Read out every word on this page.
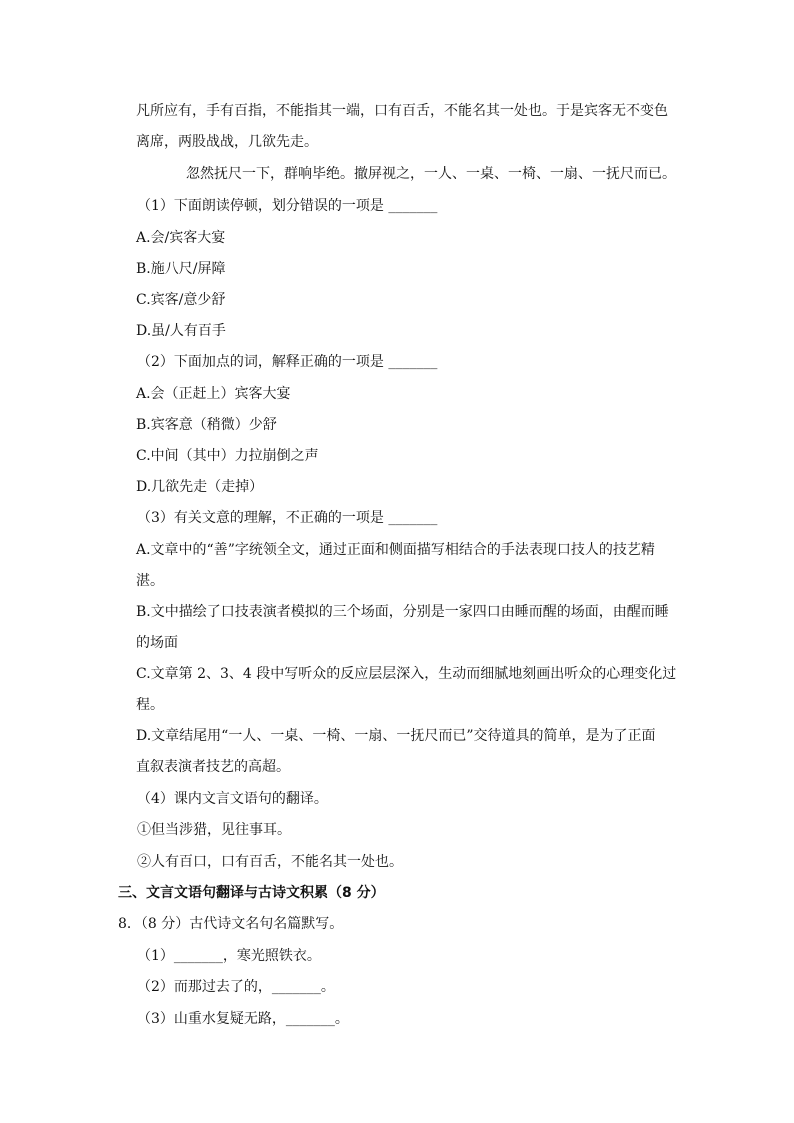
凡所应有，手有百指，不能指其一端，口有百舌，不能名其一处也。于是宾客无不变色
离席，两股战战，几欲先走。
忽然抚尺一下，群响毕绝。撤屏视之，一人、一桌、一椅、一扇、一抚尺而已。
（1）下面朗读停顿，划分错误的一项是 _______
A.会/宾客大宴
B.施八尺/屏障
C.宾客/意少舒
D.虽/人有百手
（2）下面加点的词，解释正确的一项是 _______
A.会（正赶上）宾客大宴
B.宾客意（稍微）少舒
C.中间（其中）力拉崩倒之声
D.几欲先走（走掉）
（3）有关文意的理解，不正确的一项是 _______
A.文章中的“善”字统领全文，通过正面和侧面描写相结合的手法表现口技人的技艺精
湛。
B.文中描绘了口技表演者模拟的三个场面，分别是一家四口由睡而醒的场面，由醒而睡
的场面
C.文章第 2、3、4 段中写听众的反应层层深入，生动而细腻地刻画出听众的心理变化过
程。
D.文章结尾用“一人、一桌、一椅、一扇、一抚尺而已”交待道具的简单，是为了正面
直叙表演者技艺的高超。
（4）课内文言文语句的翻译。
①但当涉猎，见往事耳。
②人有百口，口有百舌，不能名其一处也。
三、文言文语句翻译与古诗文积累（8 分）
8．（8 分）古代诗文名句名篇默写。
（1）_______，寒光照铁衣。
（2）而那过去了的，_______。
（3）山重水复疑无路，_______。
